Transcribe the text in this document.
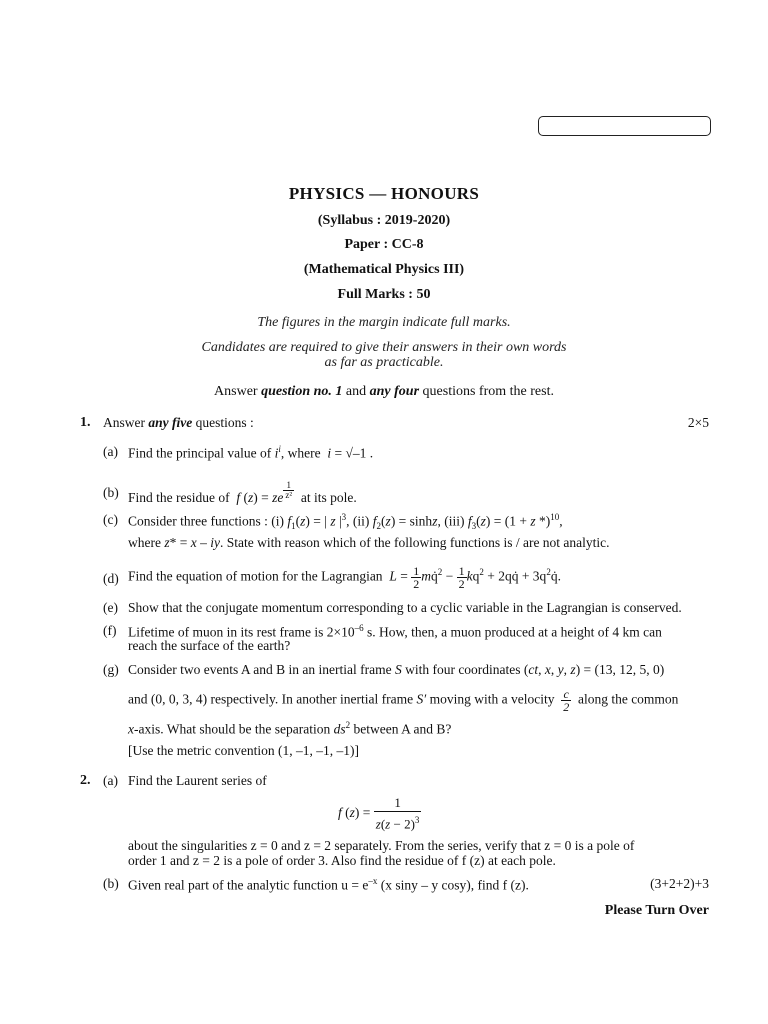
PHYSICS — HONOURS
(Syllabus : 2019-2020)
Paper : CC-8
(Mathematical Physics III)
Full Marks : 50
The figures in the margin indicate full marks.
Candidates are required to give their answers in their own words
as far as practicable.
Answer question no. 1 and any four questions from the rest.
1. Answer any five questions :	2×5
(a) Find the principal value of $i^i$, where  i = √–1 .
(b) Find the residue of  f (z) = ze $^{\frac{1}{\text{z²}}}$ at its pole.
(c) Consider three functions : (i) $f_1(z)$ = | z $|^3$, (ii) $f_2(z) = \sinh z$, (iii) $f_3(z) = (1 + z$ *)$^{10}$,
where z* = x – iy. State with reason which of the following functions is / are not analytic.
(d) Find the equation of motion for the Lagrangian  $L = \frac{1}{2}$ mq̇$^2$ − $\frac{1}{2} kq^2$ + 2qq̇ + $3q^2q̇$.
(e) Show that the conjugate momentum corresponding to a cyclic variable in the Lagrangian is conserved.
(f) Lifetime of muon in its rest frame is $2\times 10^{-6}$ s. How, then, a muon produced at a height of 4 km can
reach the surface of the earth?
(g) Consider two events A and B in an inertial frame S with four coordinates (ct, x, y, z) = (13, 12, 5, 0)
and (0, 0, 3, 4) respectively. In another inertial frame S′ moving with a velocity $\frac{c}{2}$ along the common
x-axis. What should be the separation $ds^2$ between A and B?
[Use the metric convention (1, –1, –1, –1)]
2. (a) Find the Laurent series of
f $(z) = \frac{1}{z(z - 2)^3}$
about the singularities z = 0 and z = 2 separately. From the series, verify that z = 0 is a pole of
order 1 and z = 2 is a pole of order 3. Also find the residue of f (z) at each pole.
(b) Given real part of the analytic function $u = e^{-x}$ (x siny – y cosy), find f (z).	(3+2+2)+3
Please Turn Over
